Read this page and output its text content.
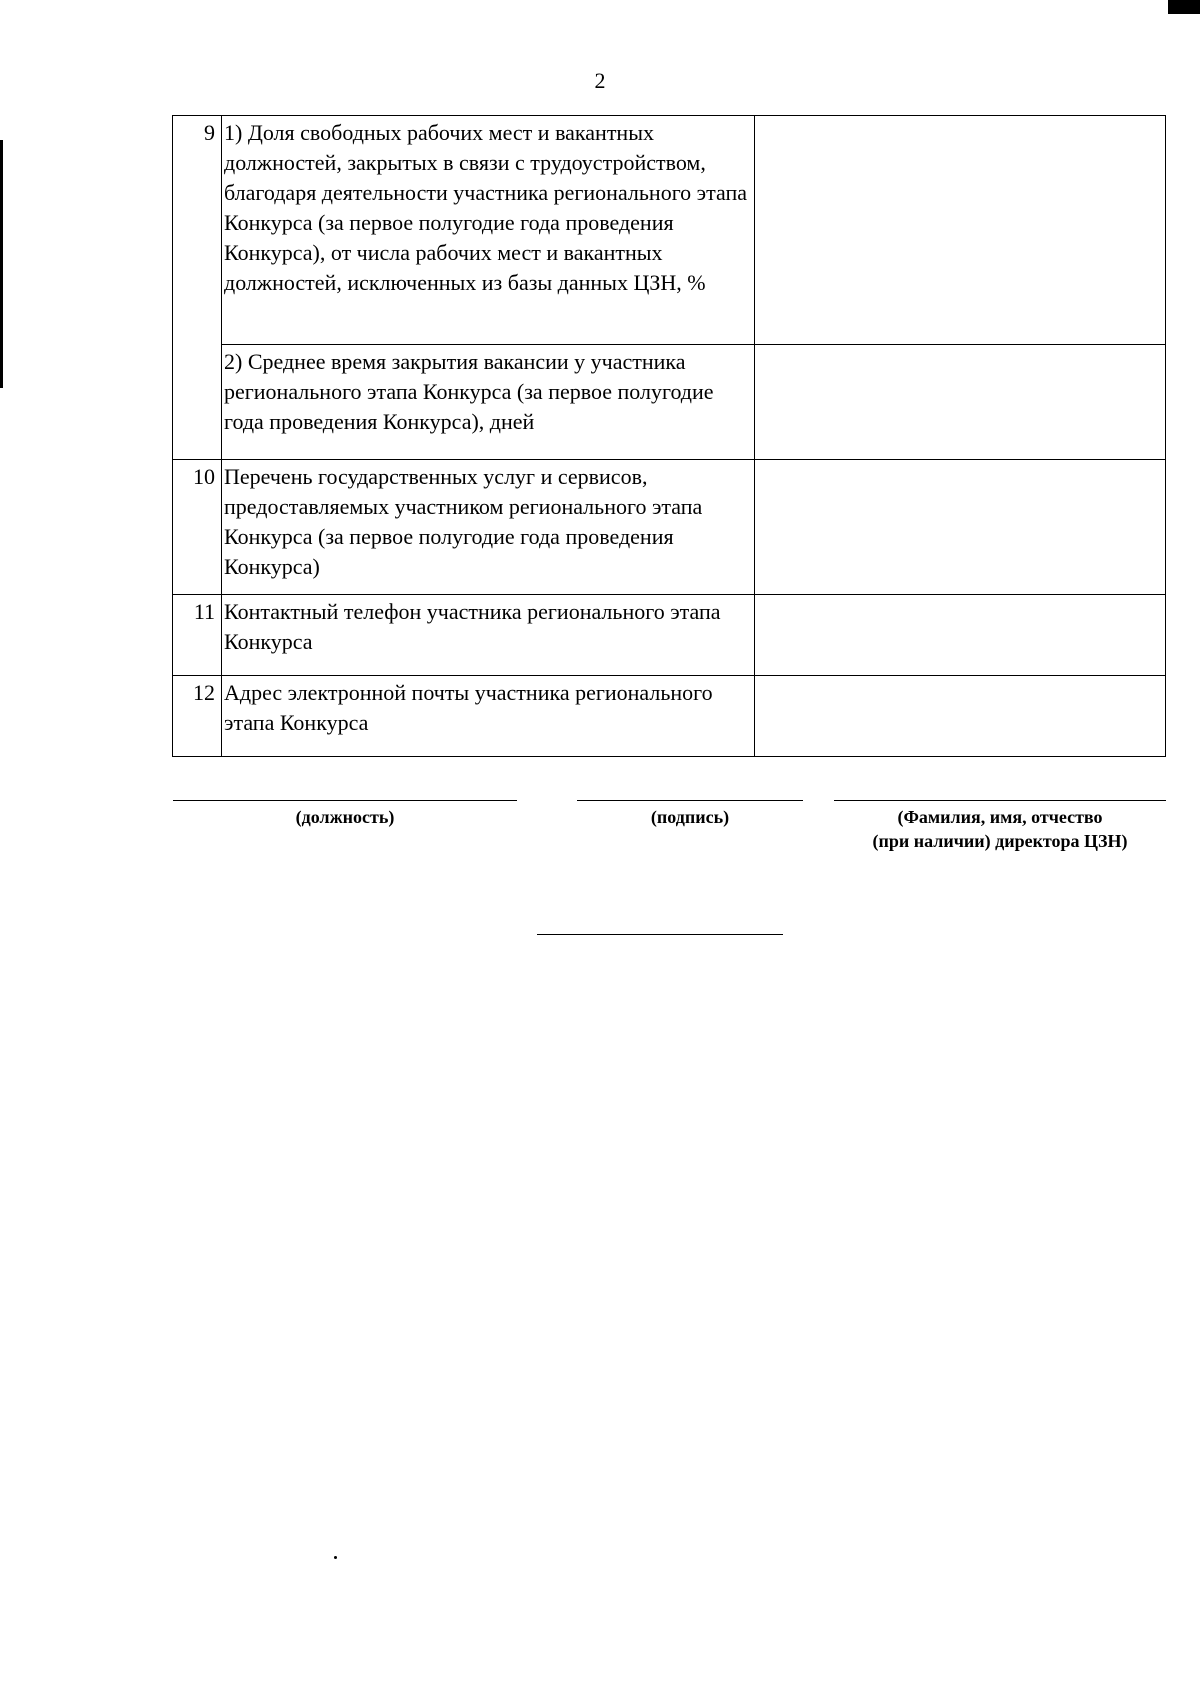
2
9	1) Доля свободных рабочих мест и вакантных должностей, закрытых в связи с трудоустройством, благодаря деятельности участника регионального этапа Конкурса (за первое полугодие года проведения Конкурса), от числа рабочих мест и вакантных должностей, исключенных из базы данных ЦЗН, %	
	2) Среднее время закрытия вакансии у участника регионального этапа Конкурса (за первое полугодие года проведения Конкурса), дней	
10	Перечень государственных услуг и сервисов, предоставляемых участником регионального этапа Конкурса (за первое полугодие года проведения Конкурса)	
11	Контактный телефон участника регионального этапа Конкурса	
12	Адрес электронной почты участника регионального этапа Конкурса	
(должность)	(подпись)	(Фамилия, имя, отчество
(при наличии) директора ЦЗН)
